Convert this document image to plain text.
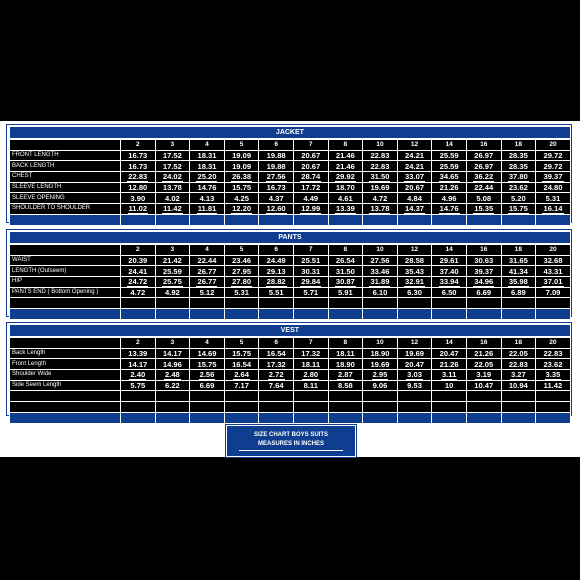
JACKET													
	2	3	4	5	6	7	8	10	12	14	16	18	20
FRONT LENGTH	16.73	17.52	18.31	19.09	19.88	20.67	21.46	22.83	24.21	25.59	26.97	28.35	29.72
BACK LENGTH	16.73	17.52	18.31	19.09	19.88	20.67	21.46	22.83	24.21	25.59	26.97	28.35	29.72
CHEST	22.83	24.02	25.20	26.38	27.56	28.74	29.92	31.50	33.07	34.65	36.22	37.80	39.37
SLEEVE LENGTH	12.80	13.78	14.76	15.75	16.73	17.72	18.70	19.69	20.67	21.26	22.44	23.62	24.80
SLEEVE OPENING	3.90	4.02	4.13	4.25	4.37	4.49	4.61	4.72	4.84	4.96	5.08	5.20	5.31
SHOULDER TO SHOULDER	11.02	11.42	11.81	12.20	12.60	12.99	13.39	13.78	14.37	14.76	15.35	15.75	16.14

PANTS													
	2	3	4	5	6	7	8	10	12	14	16	18	20
WAIST	20.39	21.42	22.44	23.46	24.49	25.51	26.54	27.56	28.58	29.61	30.63	31.65	32.68
LENGTH (Outseem)	24.41	25.59	26.77	27.95	29.13	30.31	31.50	33.46	35.43	37.40	39.37	41.34	43.31
HIP	24.72	25.75	26.77	27.80	28.82	29.84	30.87	31.89	32.91	33.94	34.96	35.98	37.01
PANTS END ( Bottom Opening )	4.72	4.92	5.12	5.31	5.51	5.71	5.91	6.10	6.30	6.50	6.69	6.89	7.09

VEST													
	2	3	4	5	6	7	8	10	12	14	16	18	20
Back Length	13.39	14.17	14.69	15.75	16.54	17.32	18.11	18.90	19.69	20.47	21.26	22.05	22.83
Front Length	14.17	14.96	15.75	16.54	17.32	18.11	18.90	19.69	20.47	21.26	22.05	22.83	23.62
Shoulder Wide	2.40	2.48	2.56	2.64	2.72	2.80	2.87	2.95	3.03	3.11	3.19	3.27	3.35
Side Seem Length	5.75	6.22	6.69	7.17	7.64	8.11	8.58	9.06	9.53	10	10.47	10.94	11.42

SIZE CHART BOYS SUITS
MEASURES IN INCHES
